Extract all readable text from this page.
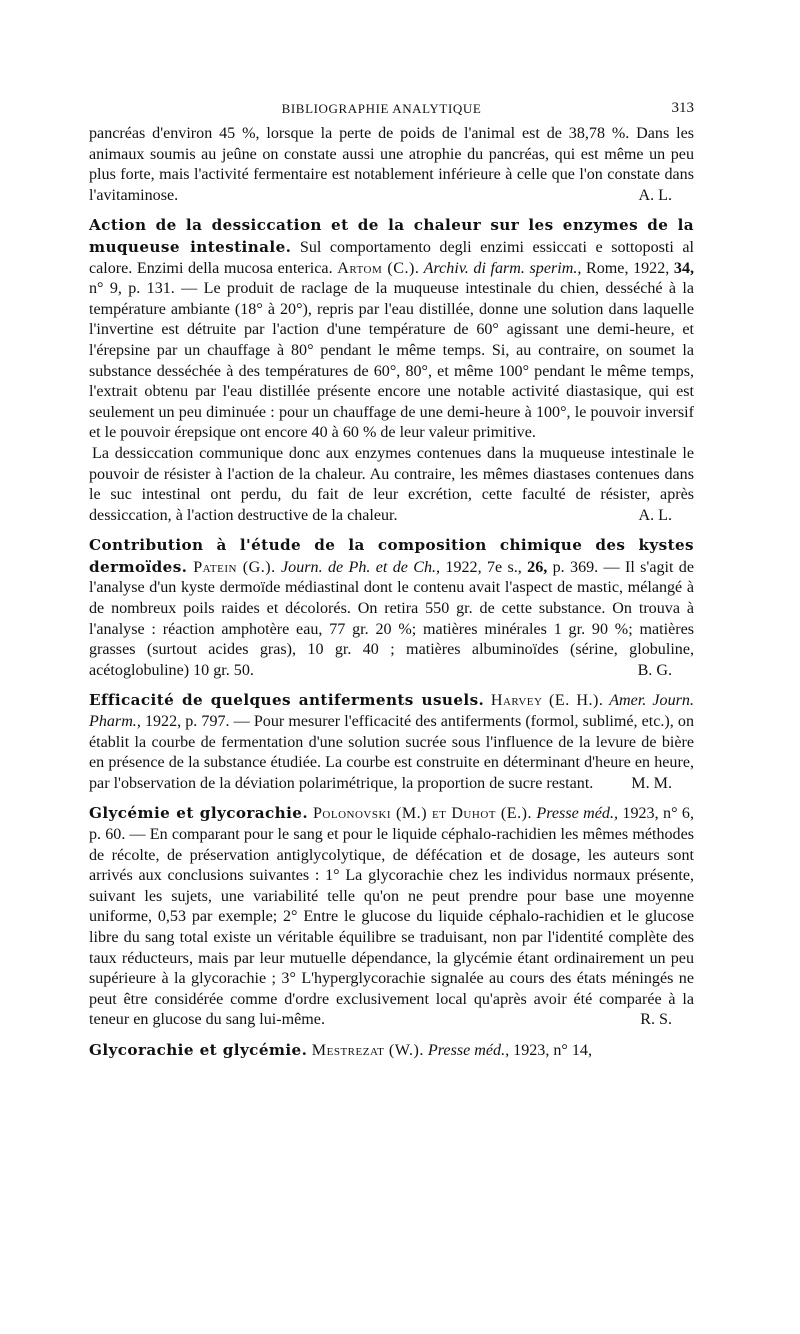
BIBLIOGRAPHIE ANALYTIQUE	313

pancréas d'environ 45 %, lorsque la perte de poids de l'animal est de 38,78 %. Dans les animaux soumis au jeûne on constate aussi une atrophie du pancréas, qui est même un peu plus forte, mais l'activité fermentaire est notablement inférieure à celle que l'on constate dans l'avitaminose.	A. L.

Action de la dessiccation et de la chaleur sur les enzymes de la muqueuse intestinale. Sul comportamento degli enzimi essiccati e sottoposti al calore. Enzimi della mucosa enterica. Artom (C.). Archiv. di farm. sperim., Rome, 1922, 34, n° 9, p. 131. — Le produit de raclage de la muqueuse intestinale du chien, desséché à la température ambiante (18° à 20°), repris par l'eau distillée, donne une solution dans laquelle l'invertine est détruite par l'action d'une température de 60° agissant une demi-heure, et l'érepsine par un chauffage à 80° pendant le même temps. Si, au contraire, on soumet la substance desséchée à des températures de 60°, 80°, et même 100° pendant le même temps, l'extrait obtenu par l'eau distillée présente encore une notable activité diastasique, qui est seulement un peu diminuée : pour un chauffage de une demi-heure à 100°, le pouvoir inversif et le pouvoir érepsique ont encore 40 à 60 % de leur valeur primitive.

La dessiccation communique donc aux enzymes contenues dans la muqueuse intestinale le pouvoir de résister à l'action de la chaleur. Au contraire, les mêmes diastases contenues dans le suc intestinal ont perdu, du fait de leur excrétion, cette faculté de résister, après dessiccation, à l'action destructive de la chaleur.	A. L.

Contribution à l'étude de la composition chimique des kystes dermoïdes. Patein (G.). Journ. de Ph. et de Ch., 1922, 7e s., 26, p. 369. — Il s'agit de l'analyse d'un kyste dermoïde médiastinal dont le contenu avait l'aspect de mastic, mélangé à de nombreux poils raides et décolorés. On retira 550 gr. de cette substance. On trouva à l'analyse : réaction amphotère eau, 77 gr. 20 %; matières minérales 1 gr. 90 %; matières grasses (surtout acides gras), 10 gr. 40 ; matières albuminoïdes (sérine, globuline, acétoglobuline) 10 gr. 50.	B. G.

Efficacité de quelques antiferments usuels. Harvey (E. H.). Amer. Journ. Pharm., 1922, p. 797. — Pour mesurer l'efficacité des antiferments (formol, sublimé, etc.), on établit la courbe de fermentation d'une solution sucrée sous l'influence de la levure de bière en présence de la substance étudiée. La courbe est construite en déterminant d'heure en heure, par l'observation de la déviation polarimétrique, la proportion de sucre restant. M. M.

Glycémie et glycorachie. Polonovski (M.) et Duhot (E.). Presse méd., 1923, n° 6, p. 60. — En comparant pour le sang et pour le liquide céphalo-rachidien les mêmes méthodes de récolte, de préservation antiglycolytique, de défécation et de dosage, les auteurs sont arrivés aux conclusions suivantes : 1° La glycorachie chez les individus normaux présente, suivant les sujets, une variabilité telle qu'on ne peut prendre pour base une moyenne uniforme, 0,53 par exemple; 2° Entre le glucose du liquide céphalo-rachidien et le glucose libre du sang total existe un véritable équilibre se traduisant, non par l'identité complète des taux réducteurs, mais par leur mutuelle dépendance, la glycémie étant ordinairement un peu supérieure à la glycorachie ; 3° L'hyperglycorachie signalée au cours des états méningés ne peut être considérée comme d'ordre exclusivement local qu'après avoir été comparée à la teneur en glucose du sang lui-même.	R. S.

Glycorachie et glycémie. Mestrezat (W.). Presse méd., 1923, n° 14,
